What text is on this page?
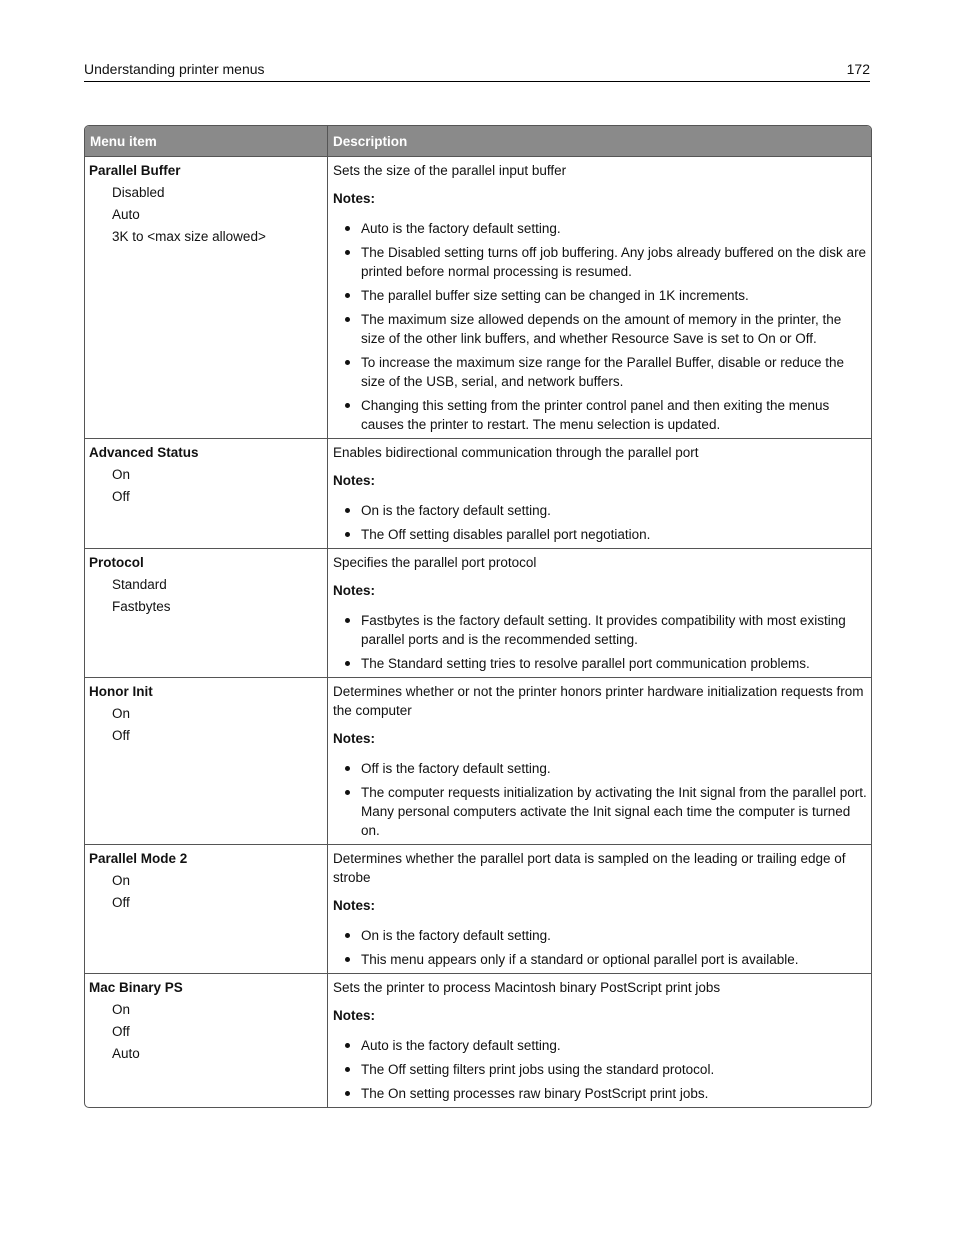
Understanding printer menus	172
Menu item	Description
Parallel Buffer
Disabled
Auto
3K to <max size allowed>
Sets the size of the parallel input buffer
Notes:
Auto is the factory default setting.
The Disabled setting turns off job buffering. Any jobs already buffered on the disk are printed before normal processing is resumed.
The parallel buffer size setting can be changed in 1K increments.
The maximum size allowed depends on the amount of memory in the printer, the size of the other link buffers, and whether Resource Save is set to On or Off.
To increase the maximum size range for the Parallel Buffer, disable or reduce the size of the USB, serial, and network buffers.
Changing this setting from the printer control panel and then exiting the menus causes the printer to restart. The menu selection is updated.
Advanced Status
On
Off
Enables bidirectional communication through the parallel port
Notes:
On is the factory default setting.
The Off setting disables parallel port negotiation.
Protocol
Standard
Fastbytes
Specifies the parallel port protocol
Notes:
Fastbytes is the factory default setting. It provides compatibility with most existing parallel ports and is the recommended setting.
The Standard setting tries to resolve parallel port communication problems.
Honor Init
On
Off
Determines whether or not the printer honors printer hardware initialization requests from the computer
Notes:
Off is the factory default setting.
The computer requests initialization by activating the Init signal from the parallel port. Many personal computers activate the Init signal each time the computer is turned on.
Parallel Mode 2
On
Off
Determines whether the parallel port data is sampled on the leading or trailing edge of strobe
Notes:
On is the factory default setting.
This menu appears only if a standard or optional parallel port is available.
Mac Binary PS
On
Off
Auto
Sets the printer to process Macintosh binary PostScript print jobs
Notes:
Auto is the factory default setting.
The Off setting filters print jobs using the standard protocol.
The On setting processes raw binary PostScript print jobs.
